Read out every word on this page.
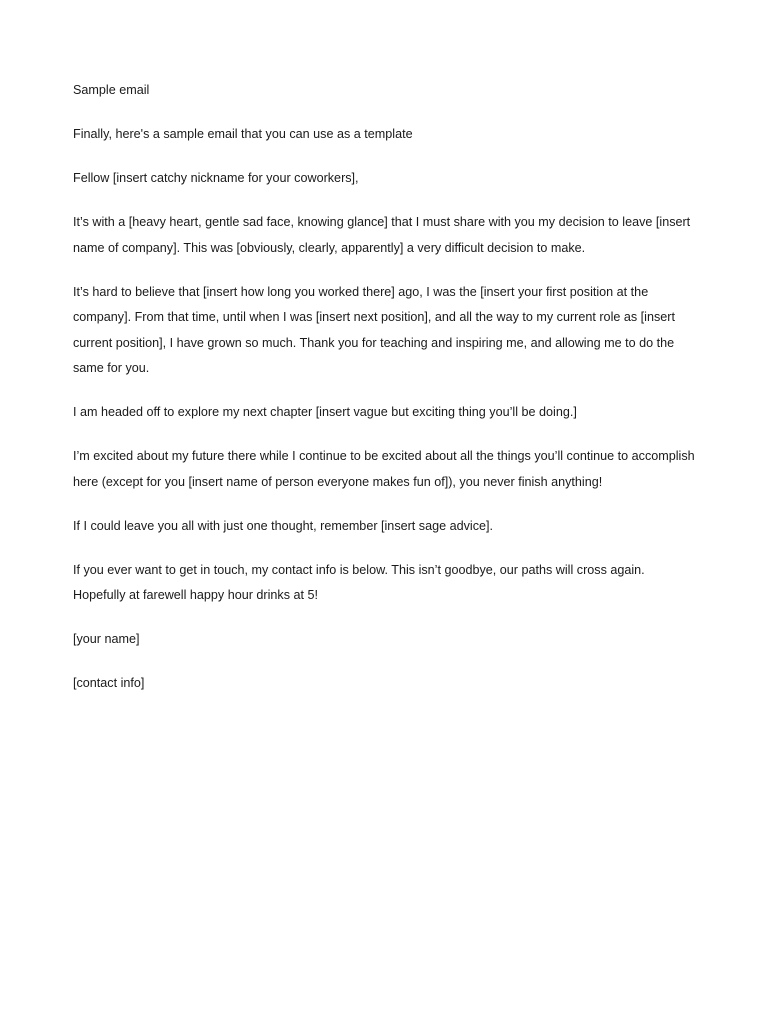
Sample email

Finally, here's a sample email that you can use as a template

Fellow [insert catchy nickname for your coworkers],

It’s with a [heavy heart, gentle sad face, knowing glance] that I must share with you my decision to leave [insert name of company]. This was [obviously, clearly, apparently] a very difficult decision to make.

It’s hard to believe that [insert how long you worked there] ago, I was the [insert your first position at the company]. From that time, until when I was [insert next position], and all the way to my current role as [insert current position], I have grown so much. Thank you for teaching and inspiring me, and allowing me to do the same for you.

I am headed off to explore my next chapter [insert vague but exciting thing you’ll be doing.]

I’m excited about my future there while I continue to be excited about all the things you’ll continue to accomplish here (except for you [insert name of person everyone makes fun of]), you never finish anything!

If I could leave you all with just one thought, remember [insert sage advice].

If you ever want to get in touch, my contact info is below. This isn’t goodbye, our paths will cross again. Hopefully at farewell happy hour drinks at 5!

[your name]

[contact info]
